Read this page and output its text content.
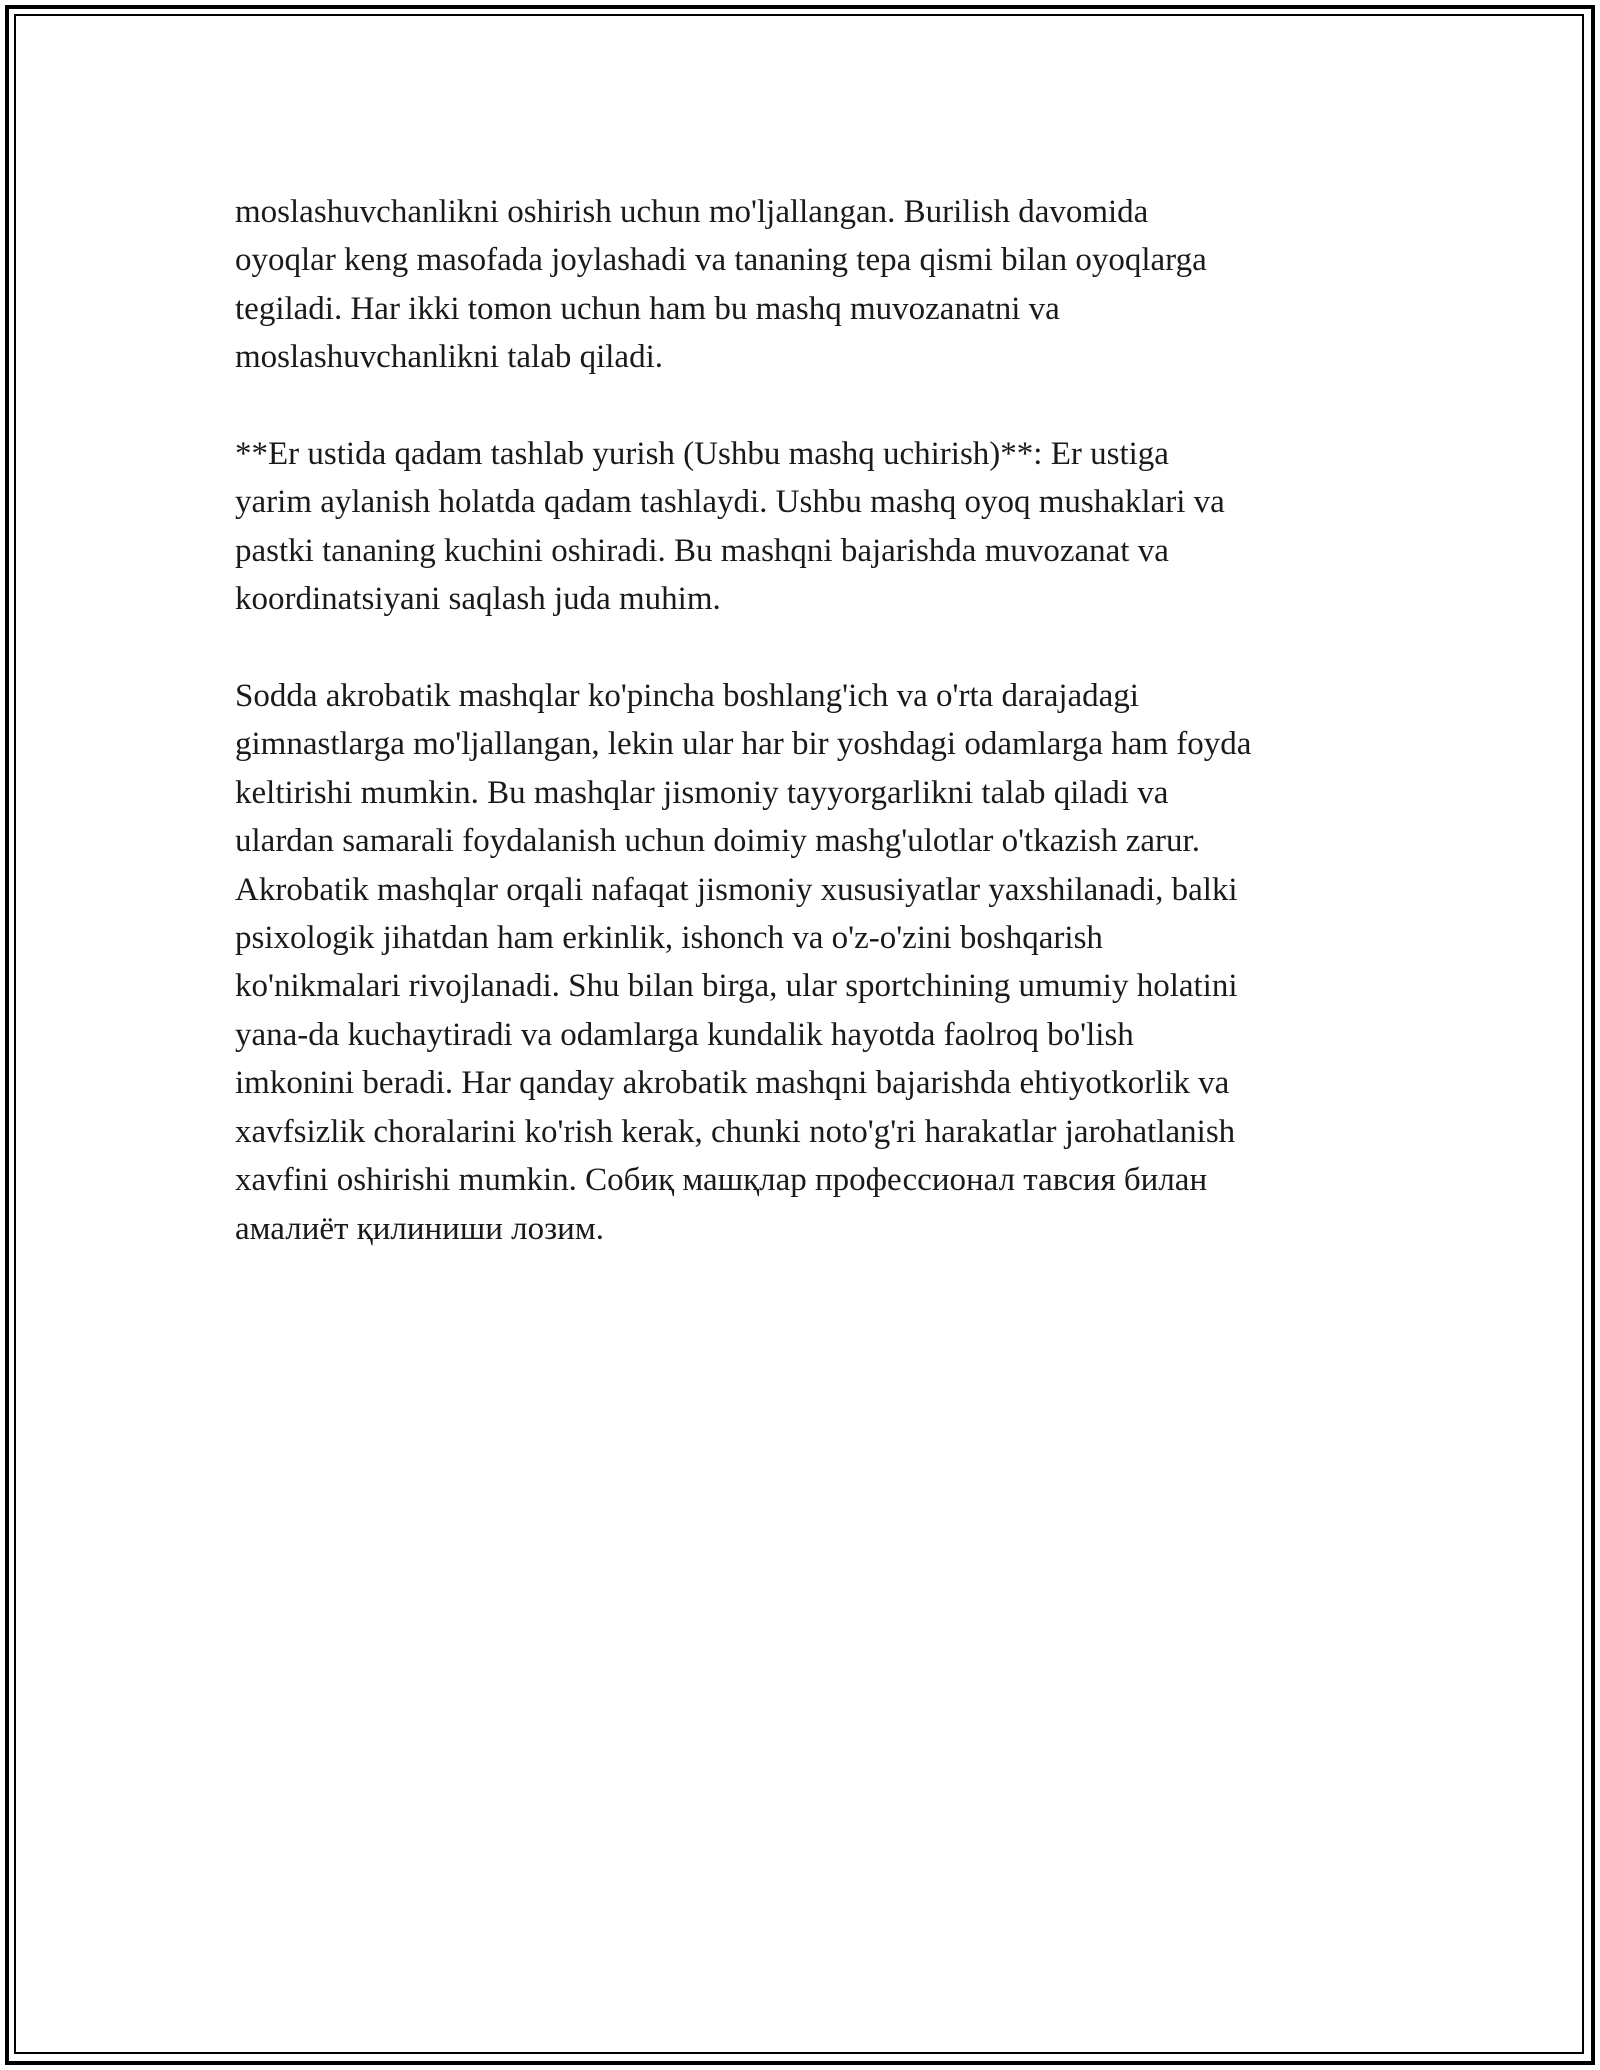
moslashuvchanlikni oshirish uchun mo'ljallangan. Burilish davomida
oyoqlar keng masofada joylashadi va tananing tepa qismi bilan oyoqlarga
tegiladi. Har ikki tomon uchun ham bu mashq muvozanatni va
moslashuvchanlikni talab qiladi.

**Er ustida qadam tashlab yurish (Ushbu mashq uchirish)**: Er ustiga
yarim aylanish holatda qadam tashlaydi. Ushbu mashq oyoq mushaklari va
pastki tananing kuchini oshiradi. Bu mashqni bajarishda muvozanat va
koordinatsiyani saqlash juda muhim.

Sodda akrobatik mashqlar ko'pincha boshlang'ich va o'rta darajadagi
gimnastlarga mo'ljallangan, lekin ular har bir yoshdagi odamlarga ham foyda
keltirishi mumkin. Bu mashqlar jismoniy tayyorgarlikni talab qiladi va
ulardan samarali foydalanish uchun doimiy mashg'ulotlar o'tkazish zarur.
Akrobatik mashqlar orqali nafaqat jismoniy xususiyatlar yaxshilanadi, balki
psixologik jihatdan ham erkinlik, ishonch va o'z-o'zini boshqarish
ko'nikmalari rivojlanadi. Shu bilan birga, ular sportchining umumiy holatini
yana-da kuchaytiradi va odamlarga kundalik hayotda faolroq bo'lish
imkonini beradi. Har qanday akrobatik mashqni bajarishda ehtiyotkorlik va
xavfsizlik choralarini ko'rish kerak, chunki noto'g'ri harakatlar jarohatlanish
xavfini oshirishi mumkin. Собиқ машқлар профессионал тавсия билан
амалиёт қилиниши лозим.
